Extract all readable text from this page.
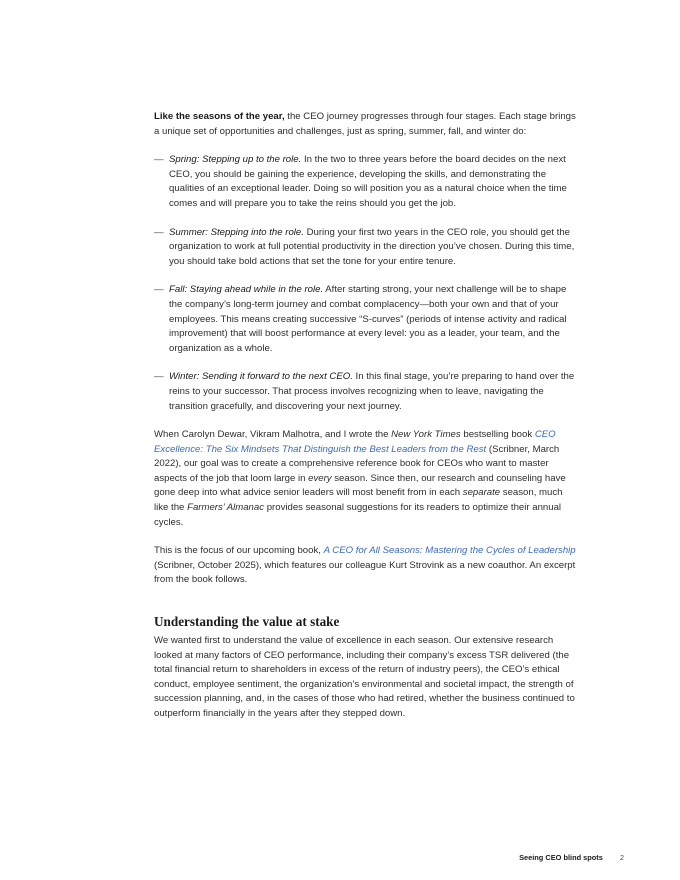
Like the seasons of the year, the CEO journey progresses through four stages. Each stage brings a unique set of opportunities and challenges, just as spring, summer, fall, and winter do:

— Spring: Stepping up to the role. In the two to three years before the board decides on the next CEO, you should be gaining the experience, developing the skills, and demonstrating the qualities of an exceptional leader. Doing so will position you as a natural choice when the time comes and will prepare you to take the reins should you get the job.
— Summer: Stepping into the role. During your first two years in the CEO role, you should get the organization to work at full potential productivity in the direction you’ve chosen. During this time, you should take bold actions that set the tone for your entire tenure.
— Fall: Staying ahead while in the role. After starting strong, your next challenge will be to shape the company’s long-term journey and combat complacency—both your own and that of your employees. This means creating successive “S-curves” (periods of intense activity and radical improvement) that will boost performance at every level: you as a leader, your team, and the organization as a whole.
— Winter: Sending it forward to the next CEO. In this final stage, you’re preparing to hand over the reins to your successor. That process involves recognizing when to leave, navigating the transition gracefully, and discovering your next journey.

When Carolyn Dewar, Vikram Malhotra, and I wrote the New York Times bestselling book CEO Excellence: The Six Mindsets That Distinguish the Best Leaders from the Rest (Scribner, March 2022), our goal was to create a comprehensive reference book for CEOs who want to master aspects of the job that loom large in every season. Since then, our research and counseling have gone deep into what advice senior leaders will most benefit from in each separate season, much like the Farmers’ Almanac provides seasonal suggestions for its readers to optimize their annual cycles.

This is the focus of our upcoming book, A CEO for All Seasons: Mastering the Cycles of Leadership (Scribner, October 2025), which features our colleague Kurt Strovink as a new coauthor. An excerpt from the book follows.

Understanding the value at stake

We wanted first to understand the value of excellence in each season. Our extensive research looked at many factors of CEO performance, including their company’s excess TSR delivered (the total financial return to shareholders in excess of the return of industry peers), the CEO’s ethical conduct, employee sentiment, the organization’s environmental and societal impact, the strength of succession planning, and, in the cases of those who had retired, whether the business continued to outperform financially in the years after they stepped down.

Seeing CEO blind spots 2
